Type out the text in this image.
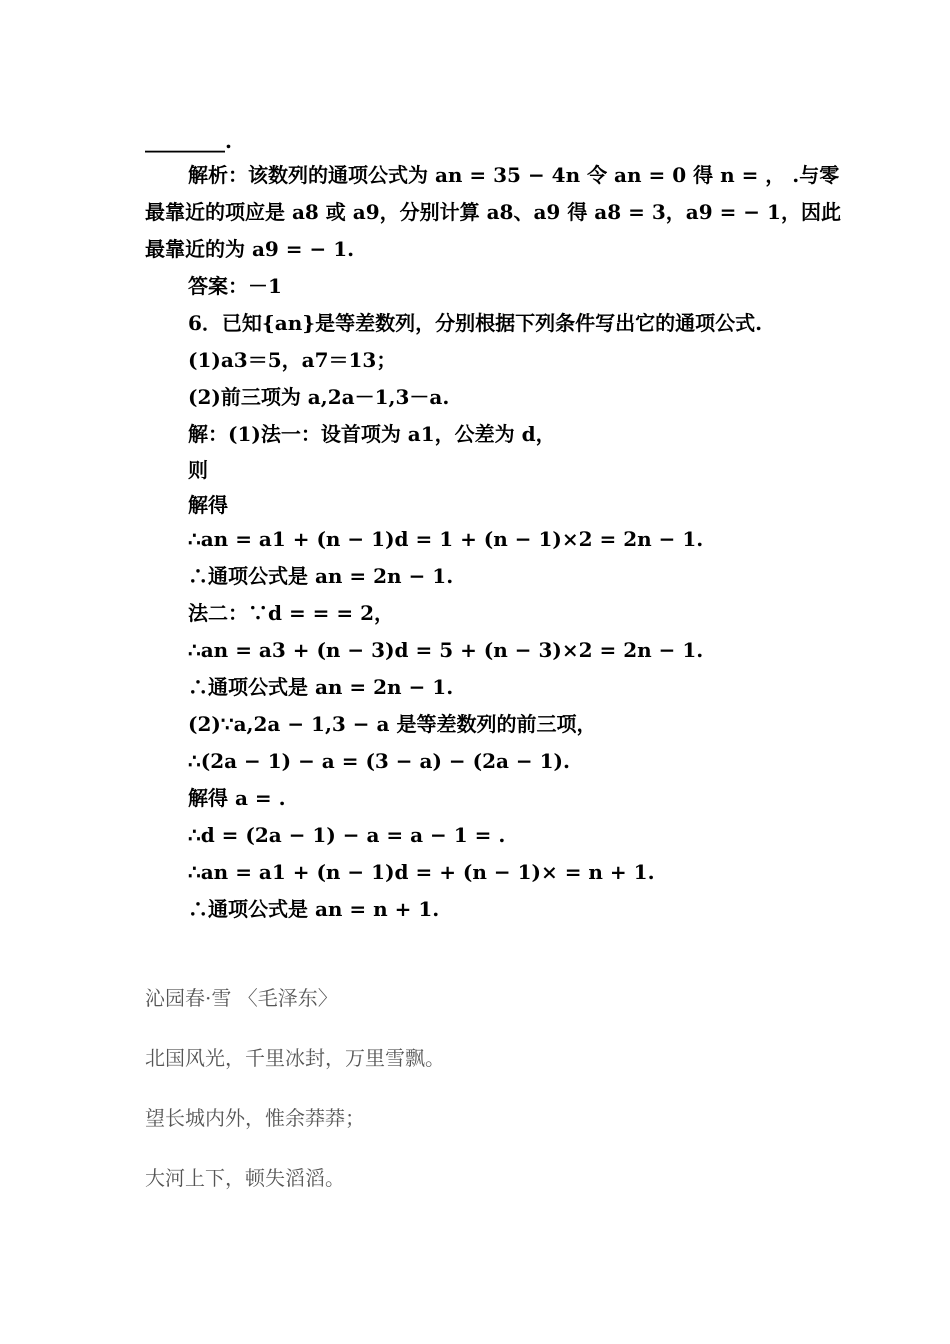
________.
解析：该数列的通项公式为 an = 35 − 4n 令 an = 0 得 n = ， .与零
最靠近的项应是 a8 或 a9，分别计算 a8、a9 得 a8 = 3，a9 = − 1，因此
最靠近的为 a9 = − 1.
答案：－1
6．已知{an}是等差数列，分别根据下列条件写出它的通项公式.
(1)a3＝5，a7＝13；
(2)前三项为 a,2a－1,3－a.
解：(1)法一：设首项为 a1，公差为 d，
则
解得
∴an = a1 + (n − 1)d = 1 + (n − 1)×2 = 2n − 1.
∴通项公式是 an = 2n − 1.
法二：∵d = = = 2，
∴an = a3 + (n − 3)d = 5 + (n − 3)×2 = 2n − 1.
∴通项公式是 an = 2n − 1.
(2)∵a,2a − 1,3 − a 是等差数列的前三项，
∴(2a − 1) − a = (3 − a) − (2a − 1).
解得 a = .
∴d = (2a − 1) − a = a − 1 = .
∴an = a1 + (n − 1)d = + (n − 1)× = n + 1.
∴通项公式是 an = n + 1.
沁园春·雪 〈毛泽东〉
北国风光，千里冰封，万里雪飘。
望长城内外，惟余莽莽；
大河上下，顿失滔滔。
